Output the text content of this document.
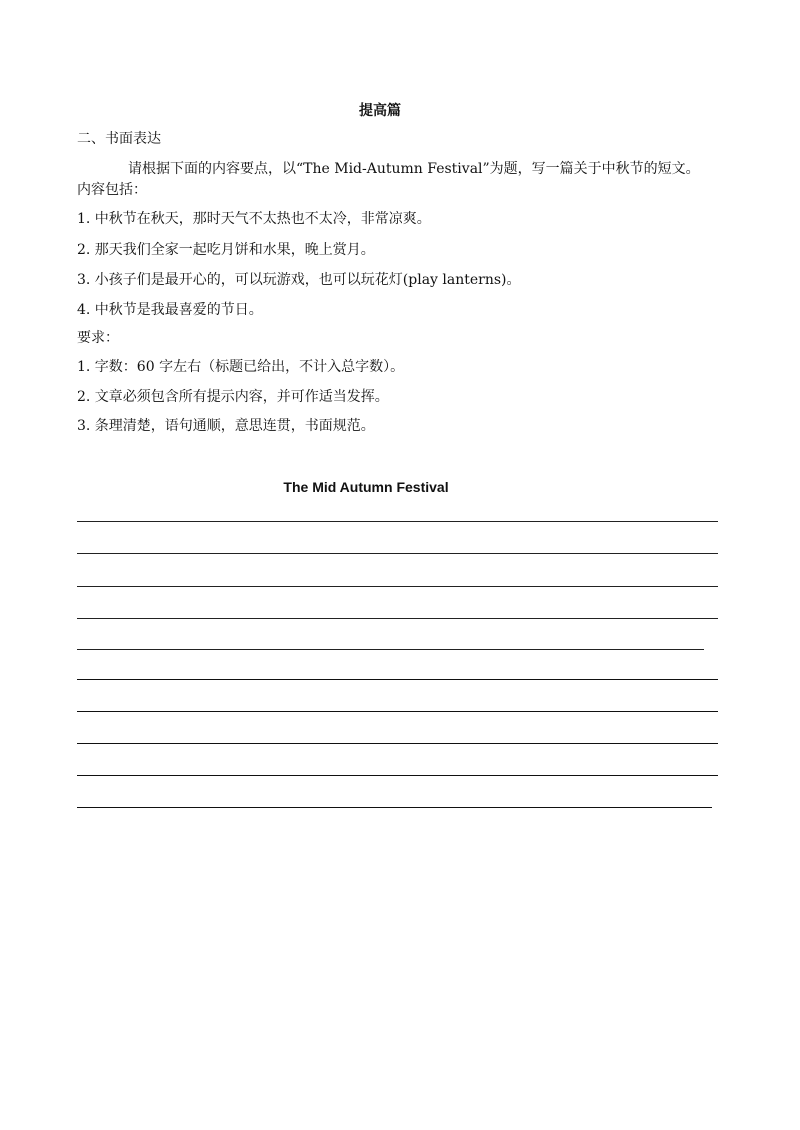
提高篇
二、书面表达
请根据下面的内容要点，以“The Mid-Autumn Festival”为题，写一篇关于中秋节的短文。
内容包括：
1. 中秋节在秋天，那时天气不太热也不太冷，非常凉爽。
2. 那天我们全家一起吃月饼和水果，晚上赏月。
3. 小孩子们是最开心的，可以玩游戏，也可以玩花灯(play lanterns)。
4. 中秋节是我最喜爱的节日。
要求：
1. 字数：60 字左右（标题已给出，不计入总字数）。
2. 文章必须包含所有提示内容，并可作适当发挥。
3. 条理清楚，语句通顺，意思连贯，书面规范。
The Mid Autumn Festival
